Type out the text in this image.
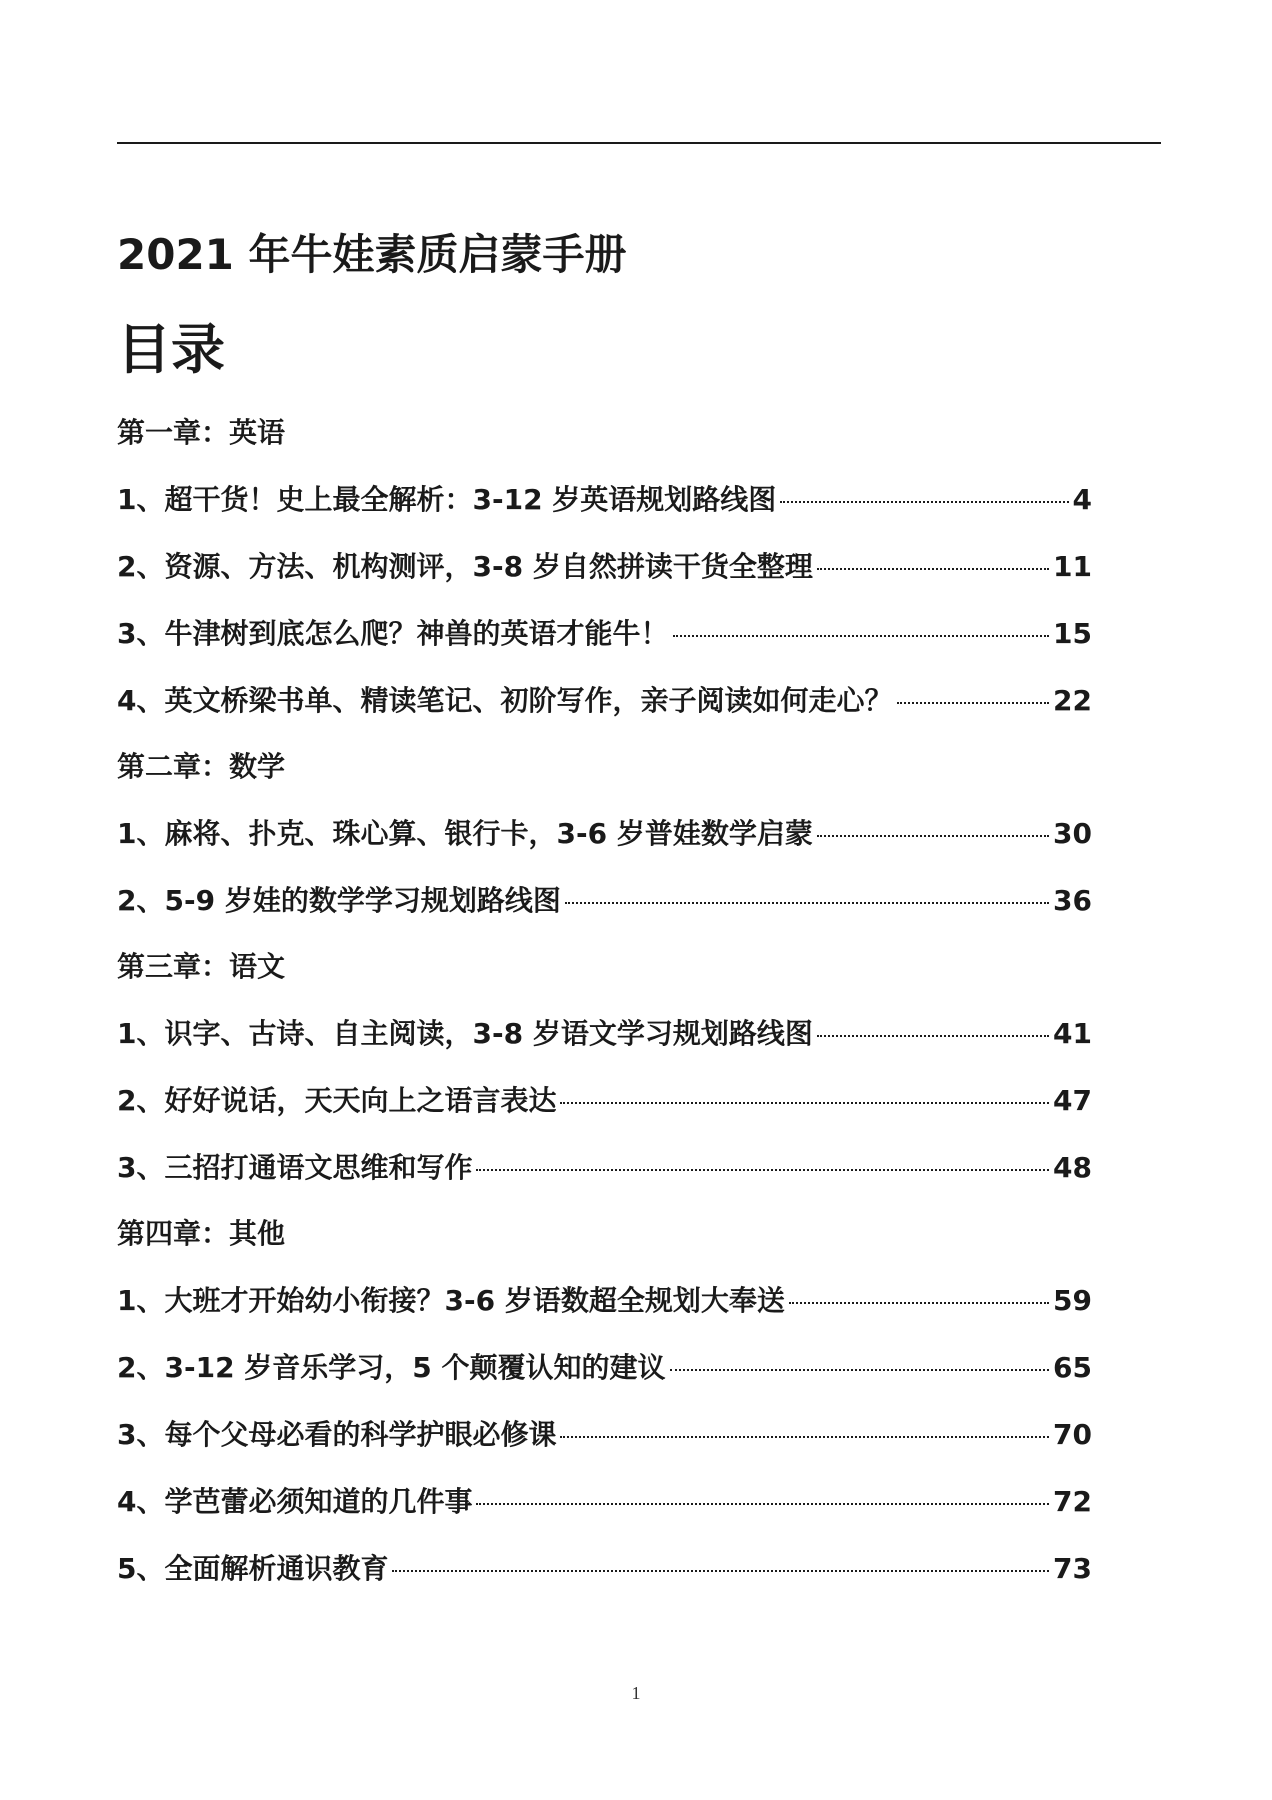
2021 年牛娃素质启蒙手册
目录
第一章：英语
1、超干货！史上最全解析：3-12 岁英语规划路线图	4
2、资源、方法、机构测评，3-8 岁自然拼读干货全整理	11
3、牛津树到底怎么爬？神兽的英语才能牛！	15
4、英文桥梁书单、精读笔记、初阶写作，亲子阅读如何走心？	22
第二章：数学
1、麻将、扑克、珠心算、银行卡，3-6 岁普娃数学启蒙	30
2、5-9 岁娃的数学学习规划路线图	36
第三章：语文
1、识字、古诗、自主阅读，3-8 岁语文学习规划路线图	41
2、好好说话，天天向上之语言表达	47
3、三招打通语文思维和写作	48
第四章：其他
1、大班才开始幼小衔接？3-6 岁语数超全规划大奉送	59
2、3-12 岁音乐学习，5 个颠覆认知的建议	65
3、每个父母必看的科学护眼必修课	70
4、学芭蕾必须知道的几件事	72
5、全面解析通识教育	73
1
